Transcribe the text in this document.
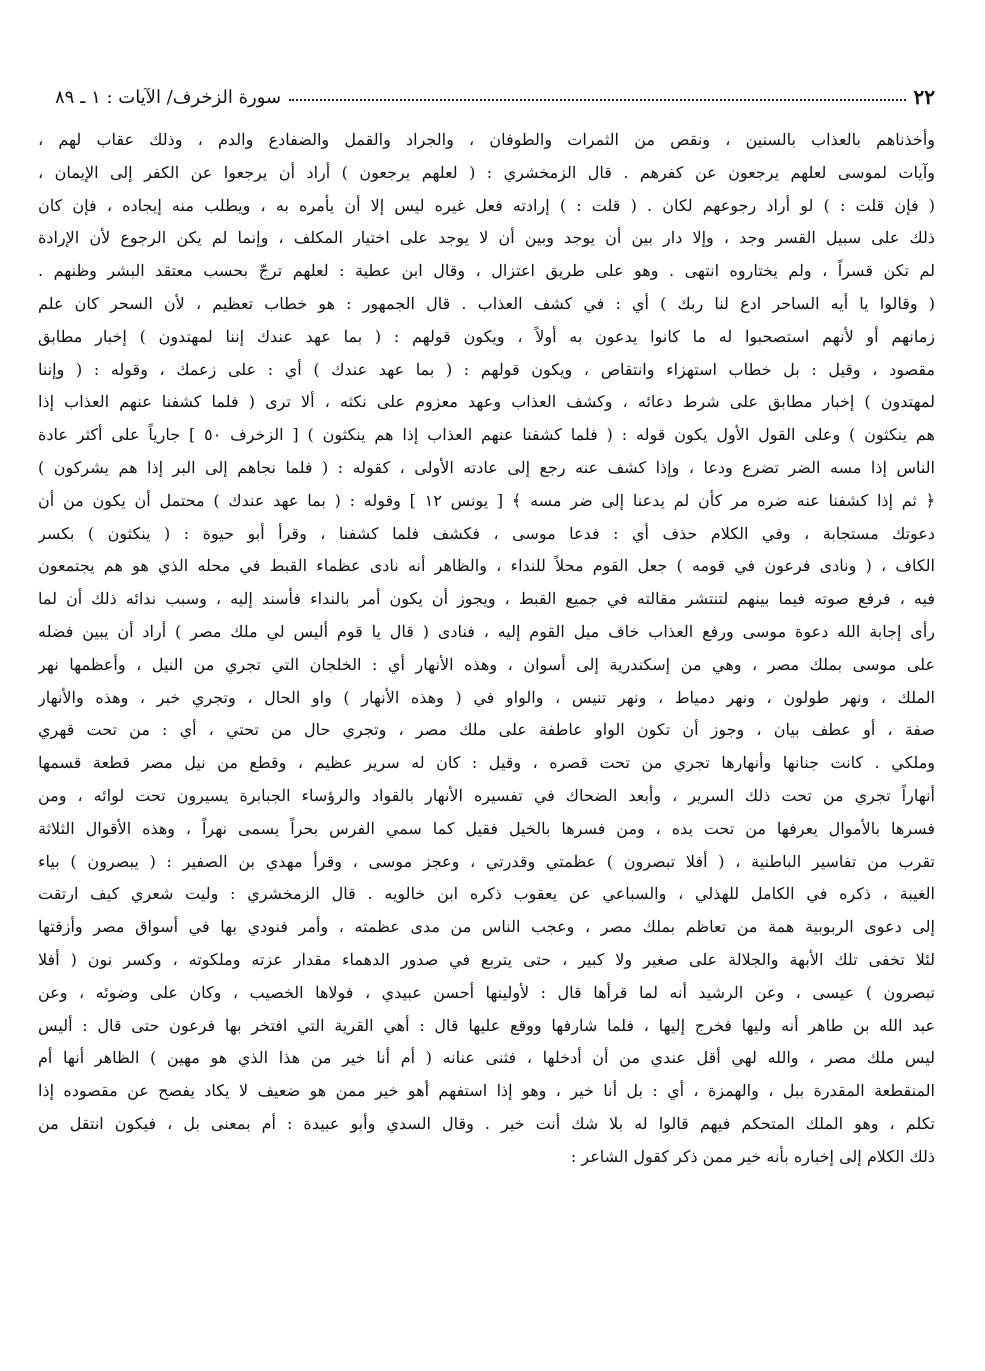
٢٢
سورة الزخرف/ الآيات : ١ ـ ٨٩
وأخذناهم بالعذاب بالسنين ، ونقص من الثمرات والطوفان ، والجراد والقمل والضفادع والدم ، وذلك عقاب لهم ،
وآيات لموسى لعلهم يرجعون عن كفرهم . قال الزمخشري : ( لعلهم يرجعون ) أراد أن يرجعوا عن الكفر إلى الإيمان ،
( فإن قلت : ) لو أراد رجوعهم لكان . ( قلت : ) إرادته فعل غيره ليس إلا أن يأمره به ، ويطلب منه إيجاده ، فإن كان
ذلك على سبيل القسر وجد ، وإلا دار بين أن يوجد وبين أن لا يوجد على اختيار المكلف ، وإنما لم يكن الرجوع لأن الإرادة
لم تكن قسراً ، ولم يختاروه انتهى . وهو على طريق اعتزال ، وقال ابن عطية : لعلهم ترجّ بحسب معتقد البشر وظنهم .
( وقالوا يا أيه الساحر ادع لنا ربك ) أي : في كشف العذاب . قال الجمهور : هو خطاب تعظيم ، لأن السحر كان علم
زمانهم أو لأنهم استصحبوا له ما كانوا يدعون به أولاً ، ويكون قولهم : ( بما عهد عندك إننا لمهتدون ) إخبار مطابق
مقصود ، وقيل : بل خطاب استهزاء وانتقاص ، ويكون قولهم : ( بما عهد عندك ) أي : على زعمك ، وقوله : ( وإننا
لمهتدون ) إخبار مطابق على شرط دعائه ، وكشف العذاب وعهد معزوم على نكثه ، ألا ترى ( فلما كشفنا عنهم العذاب إذا
هم ينكثون ) وعلى القول الأول يكون قوله : ( فلما كشفنا عنهم العذاب إذا هم ينكثون ) [ الزخرف ٥٠ ] جارياً على أكثر عادة
الناس إذا مسه الضر تضرع ودعا ، وإذا كشف عنه رجع إلى عادته الأولى ، كقوله : ( فلما نجاهم إلى البر إذا هم يشركون )
﴿ ثم إذا كشفنا عنه ضره مر كأن لم يدعنا إلى ضر مسه ﴾ [ يونس ١٢ ] وقوله : ( بما عهد عندك ) محتمل أن يكون من أن
دعوتك مستجابة ، وفي الكلام حذف أي : فدعا موسى ، فكشف فلما كشفنا ، وقرأ أبو حيوة : ( ينكثون ) بكسر
الكاف ، ( ونادى فرعون في قومه ) جعل القوم محلاً للنداء ، والظاهر أنه نادى عظماء القبط في محله الذي هو هم يجتمعون
فيه ، فرفع صوته فيما بينهم لتنتشر مقالته في جميع القبط ، ويجوز أن يكون أمر بالنداء فأسند إليه ، وسبب ندائه ذلك أن لما
رأى إجابة الله دعوة موسى ورفع العذاب خاف ميل القوم إليه ، فنادى ( قال يا قوم أليس لي ملك مصر ) أراد أن يبين فضله
على موسى بملك مصر ، وهي من إسكندرية إلى أسوان ، وهذه الأنهار أي : الخلجان التي تجري من النيل ، وأعظمها نهر
الملك ، ونهر طولون ، ونهر دمياط ، ونهر تنيس ، والواو في ( وهذه الأنهار ) واو الحال ، وتجري خبر ، وهذه والأنهار
صفة ، أو عطف بيان ، وجوز أن تكون الواو عاطفة على ملك مصر ، وتجري حال من تحتي ، أي : من تحت قهري
وملكي . كانت جنانها وأنهارها تجري من تحت قصره ، وقيل : كان له سرير عظيم ، وقطع من نيل مصر قطعة قسمها
أنهاراً تجري من تحت ذلك السرير ، وأبعد الضحاك في تفسيره الأنهار بالقواد والرؤساء الجبابرة يسيرون تحت لوائه ، ومن
فسرها بالأموال يعرفها من تحت يده ، ومن فسرها بالخيل فقيل كما سمي الفرس بحراً يسمى نهراً ، وهذه الأقوال الثلاثة
تقرب من تفاسير الباطنية ، ( أفلا تبصرون ) عظمتي وقدرتي ، وعجز موسى ، وقرأ مهدي بن الصفير : ( يبصرون ) بياء
الغيبة ، ذكره في الكامل للهذلي ، والسباعي عن يعقوب ذكره ابن خالويه . قال الزمخشري : وليت شعري كيف ارتقت
إلى دعوى الربوبية همة من تعاظم بملك مصر ، وعجب الناس من مدى عظمته ، وأمر فنودي بها في أسواق مصر وأزقتها
لئلا تخفى تلك الأبهة والجلالة على صغير ولا كبير ، حتى يتربع في صدور الدهماء مقدار عزته وملكوته ، وكسر نون ( أفلا
تبصرون ) عيسى ، وعن الرشيد أنه لما قرأها قال : لأولينها أحسن عبيدي ، فولاها الخصيب ، وكان على وضوئه ، وعن
عبد الله بن طاهر أنه وليها فخرج إليها ، فلما شارفها ووقع عليها قال : أهي القرية التي افتخر بها فرعون حتى قال : أليس
ليس ملك مصر ، والله لهي أقل عندي من أن أدخلها ، فثنى عنانه ( أم أنا خير من هذا الذي هو مهين ) الظاهر أنها أم
المنقطعة المقدرة ببل ، والهمزة ، أي : بل أنا خير ، وهو إذا استفهم أهو خير ممن هو ضعيف لا يكاد يفصح عن مقصوده إذا
تكلم ، وهو الملك المتحكم فيهم قالوا له بلا شك أنت خير . وقال السدي وأبو عبيدة : أم بمعنى بل ، فيكون انتقل من
ذلك الكلام إلى إخباره بأنه خير ممن ذكر كقول الشاعر :
